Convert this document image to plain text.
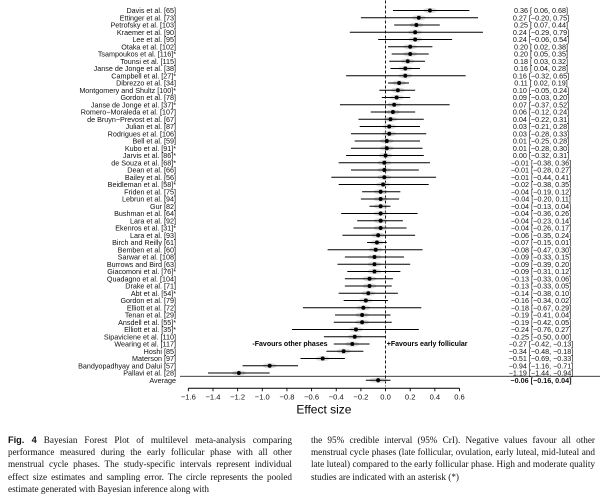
Davis et al. [65]	0.36 [ 0.06, 0.68]
Ettinger et al. [73]	0.27 [−0.20, 0.75]
Petrofsky et al. [103]	0.25 [ 0.07, 0.44]
Kraemer et al. [90]	0.24 [−0.29, 0.79]
Lee et al. [95]	0.24 [−0.06, 0.54]
Otaka et al. [102]	0.20 [ 0.02, 0.38]
Tsampoukos et al. [116]*	0.20 [ 0.05, 0.35]
Tounsi et al. [115]	0.18 [ 0.03, 0.32]
Janse de Jonge et al. [38]	0.16 [ 0.04, 0.28]
Campbell et al. [27]*	0.16 [−0.32, 0.65]
Dibrezzo et al. [34]	0.11 [ 0.02, 0.19]
Montgomery and Shultz [100]*	0.10 [−0.05, 0.24]
Gordon et al. [78]	0.09 [−0.03, 0.20]
Janse de Jonge et al. [37]*	0.07 [−0.37, 0.52]
Romero−Moraleda et al. [107]	0.06 [−0.12, 0.24]
de Bruyn−Prevost et al. [67]	0.04 [−0.22, 0.31]
Julian et al. [87]	0.03 [−0.21, 0.28]
Rodrigues et al. [106]	0.03 [−0.28, 0.33]
Bell et al. [59]	0.01 [−0.25, 0.28]
Kubo et al. [91]*	0.01 [−0.28, 0.30]
Jarvis et al. [86]*	0.00 [−0.32, 0.31]
de Souza et al. [68]*	−0.01 [−0.38, 0.36]
Dean et al. [66]	−0.01 [−0.28, 0.27]
Bailey et al. [56]	−0.01 [−0.44, 0.41]
Beidleman et al. [58]*	−0.02 [−0.38, 0.35]
Friden et al. [75]	−0.04 [−0.19, 0.12]
Lebrun et al. [94]	−0.04 [−0.20, 0.11]
Gur [82]	−0.04 [−0.13, 0.04]
Bushman et al. [64]	−0.04 [−0.36, 0.26]
Lara et al. [92]	−0.04 [−0.23, 0.14]
Ekenros et al. [31]*	−0.04 [−0.26, 0.17]
Lara et al. [93]	−0.06 [−0.35, 0.24]
Birch and Reilly [61]	−0.07 [−0.15, 0.01]
Bemben et al. [60]	−0.08 [−0.47, 0.30]
Sarwar et al. [108]	−0.09 [−0.33, 0.15]
Burrows and Bird [63]	−0.09 [−0.39, 0.20]
Giacomoni et al. [76]*	−0.09 [−0.31, 0.12]
Quadagno et al. [104]	−0.13 [−0.33, 0.06]
Drake et al. [71]	−0.13 [−0.33, 0.05]
Abt et al. [54]*	−0.14 [−0.38, 0.10]
Gordon et al. [79]	−0.16 [−0.34, 0.02]
Elliott et al. [72]	−0.18 [−0.67, 0.29]
Tenan et al. [29]	−0.19 [−0.41, 0.04]
Ansdell et al. [55]*	−0.19 [−0.42, 0.05]
Elliott et al. [35]*	−0.24 [−0.76, 0.27]
Sipavicïene et al. [110]	−0.25 [−0.50, 0.00]
Wearing et al. [117]	−0.27 [−0.42, −0.13]
Hoshi [85]	−0.34 [−0.48, −0.18]
Materson [97]	−0.51 [−0.69, −0.33]
Bandyopadhyay and Dalui [57]	−0.94 [−1.16, −0.71]
Pallavi et al. [28]	−1.19 [−1.44, −0.94]
Average	−0.06 [−0.16, 0.04]
−1.6 −1.4 −1.2 −1.0 −0.8 −0.6 −0.4 −0.2 0.0 0.2 0.4 0.6
-Favours other phases	+Favours early follicular
Effect size
Fig. 4 Bayesian Forest Plot of multilevel meta-analysis comparing performance measured during the early follicular phase with all other menstrual cycle phases. The study-specific intervals represent individual effect size estimates and sampling error. The circle represents the pooled estimate generated with Bayesian inference along with
the 95% credible interval (95% CrI). Negative values favour all other menstrual cycle phases (late follicular, ovulation, early luteal, mid-luteal and late luteal) compared to the early follicular phase. High and moderate quality studies are indicated with an asterisk (*)
